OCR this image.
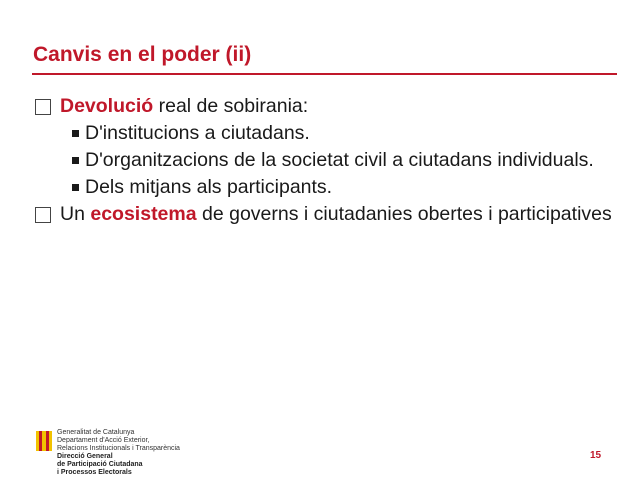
Canvis en el poder (ii)
Devolució real de sobirania:
D'institucions a ciutadans.
D'organitzacions de la societat civil a ciutadans individuals.
Dels mitjans als participants.
Un ecosistema de governs i ciutadanies obertes i participatives
Generalitat de Catalunya
Departament d'Acció Exterior,
Relacions Institucionals i Transparència
Direcció General
de Participació Ciutadana
i Processos Electorals
15
